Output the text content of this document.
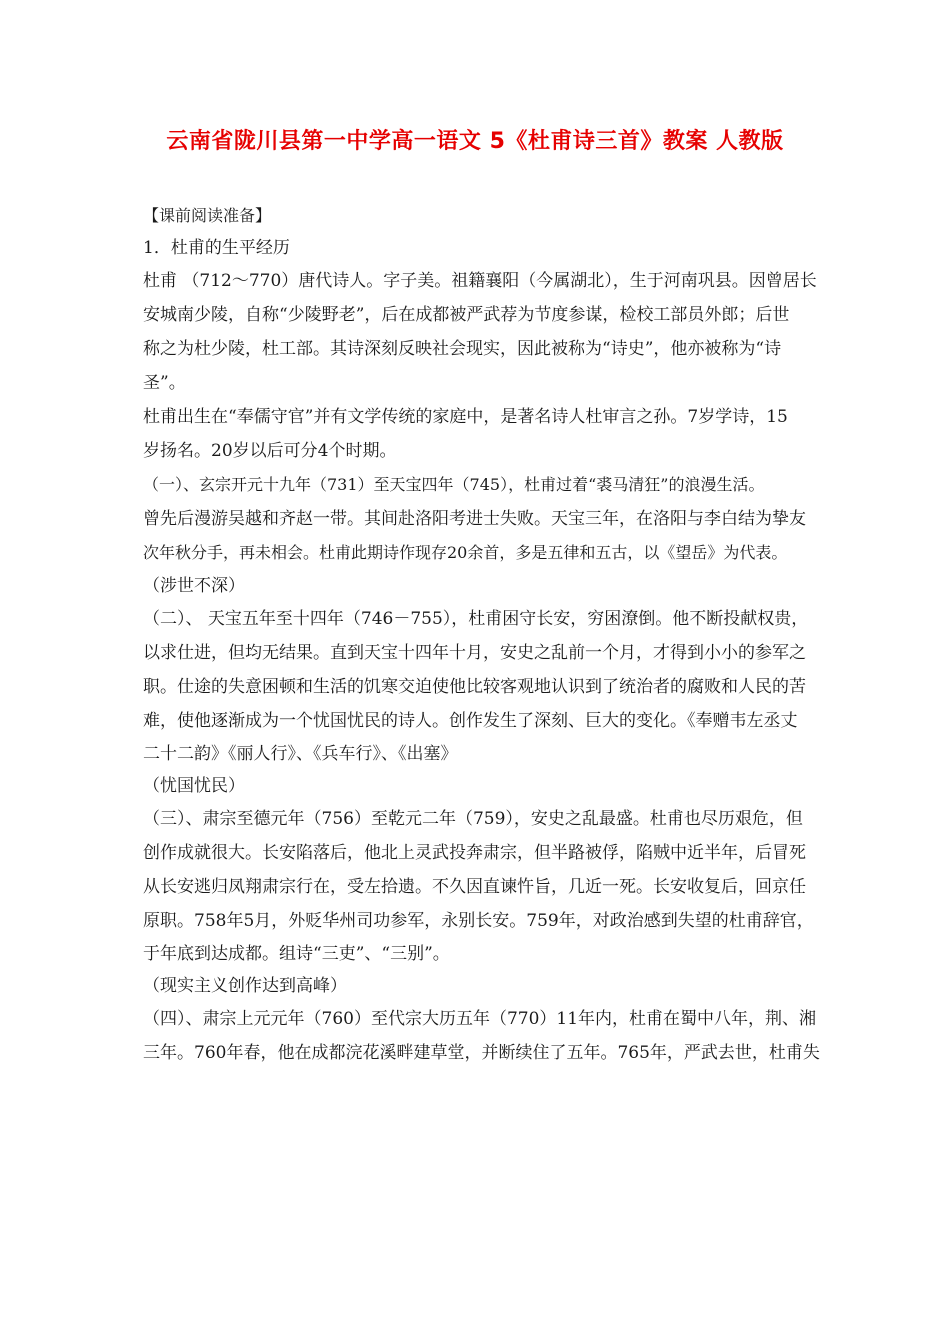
云南省陇川县第一中学高一语文 5《杜甫诗三首》教案 人教版
【课前阅读准备】
1．杜甫的生平经历
杜甫 （712～770）唐代诗人。字子美。祖籍襄阳（今属湖北），生于河南巩县。因曾居长
安城南少陵，自称“少陵野老”，后在成都被严武荐为节度参谋，检校工部员外郎；后世
称之为杜少陵，杜工部。其诗深刻反映社会现实，因此被称为“诗史”，他亦被称为“诗
圣”。
杜甫出生在“奉儒守官”并有文学传统的家庭中，是著名诗人杜审言之孙。7岁学诗，15
岁扬名。20岁以后可分4个时期。
（一）、玄宗开元十九年（731）至天宝四年（745），杜甫过着“裘马清狂”的浪漫生活。
曾先后漫游吴越和齐赵一带。其间赴洛阳考进士失败。天宝三年，在洛阳与李白结为挚友
次年秋分手，再未相会。杜甫此期诗作现存20余首，多是五律和五古，以《望岳》为代表。
（涉世不深）
（二）、 天宝五年至十四年（746－755），杜甫困守长安，穷困潦倒。他不断投献权贵，
以求仕进，但均无结果。直到天宝十四年十月，安史之乱前一个月，才得到小小的参军之
职。仕途的失意困顿和生活的饥寒交迫使他比较客观地认识到了统治者的腐败和人民的苦
难，使他逐渐成为一个忧国忧民的诗人。创作发生了深刻、巨大的变化。《奉赠韦左丞丈
二十二韵》《丽人行》、《兵车行》、《出塞》
（忧国忧民）
（三）、肃宗至德元年（756）至乾元二年（759），安史之乱最盛。杜甫也尽历艰危，但
创作成就很大。长安陷落后，他北上灵武投奔肃宗，但半路被俘，陷贼中近半年，后冒死
从长安逃归凤翔肃宗行在，受左拾遗。不久因直谏忤旨，几近一死。长安收复后，回京任
原职。758年5月，外贬华州司功参军，永别长安。759年，对政治感到失望的杜甫辞官，
于年底到达成都。组诗“三吏”、“三别”。
（现实主义创作达到高峰）
（四）、肃宗上元元年（760）至代宗大历五年（770）11年内，杜甫在蜀中八年，荆、湘
三年。760年春，他在成都浣花溪畔建草堂，并断续住了五年。765年，严武去世，杜甫失
